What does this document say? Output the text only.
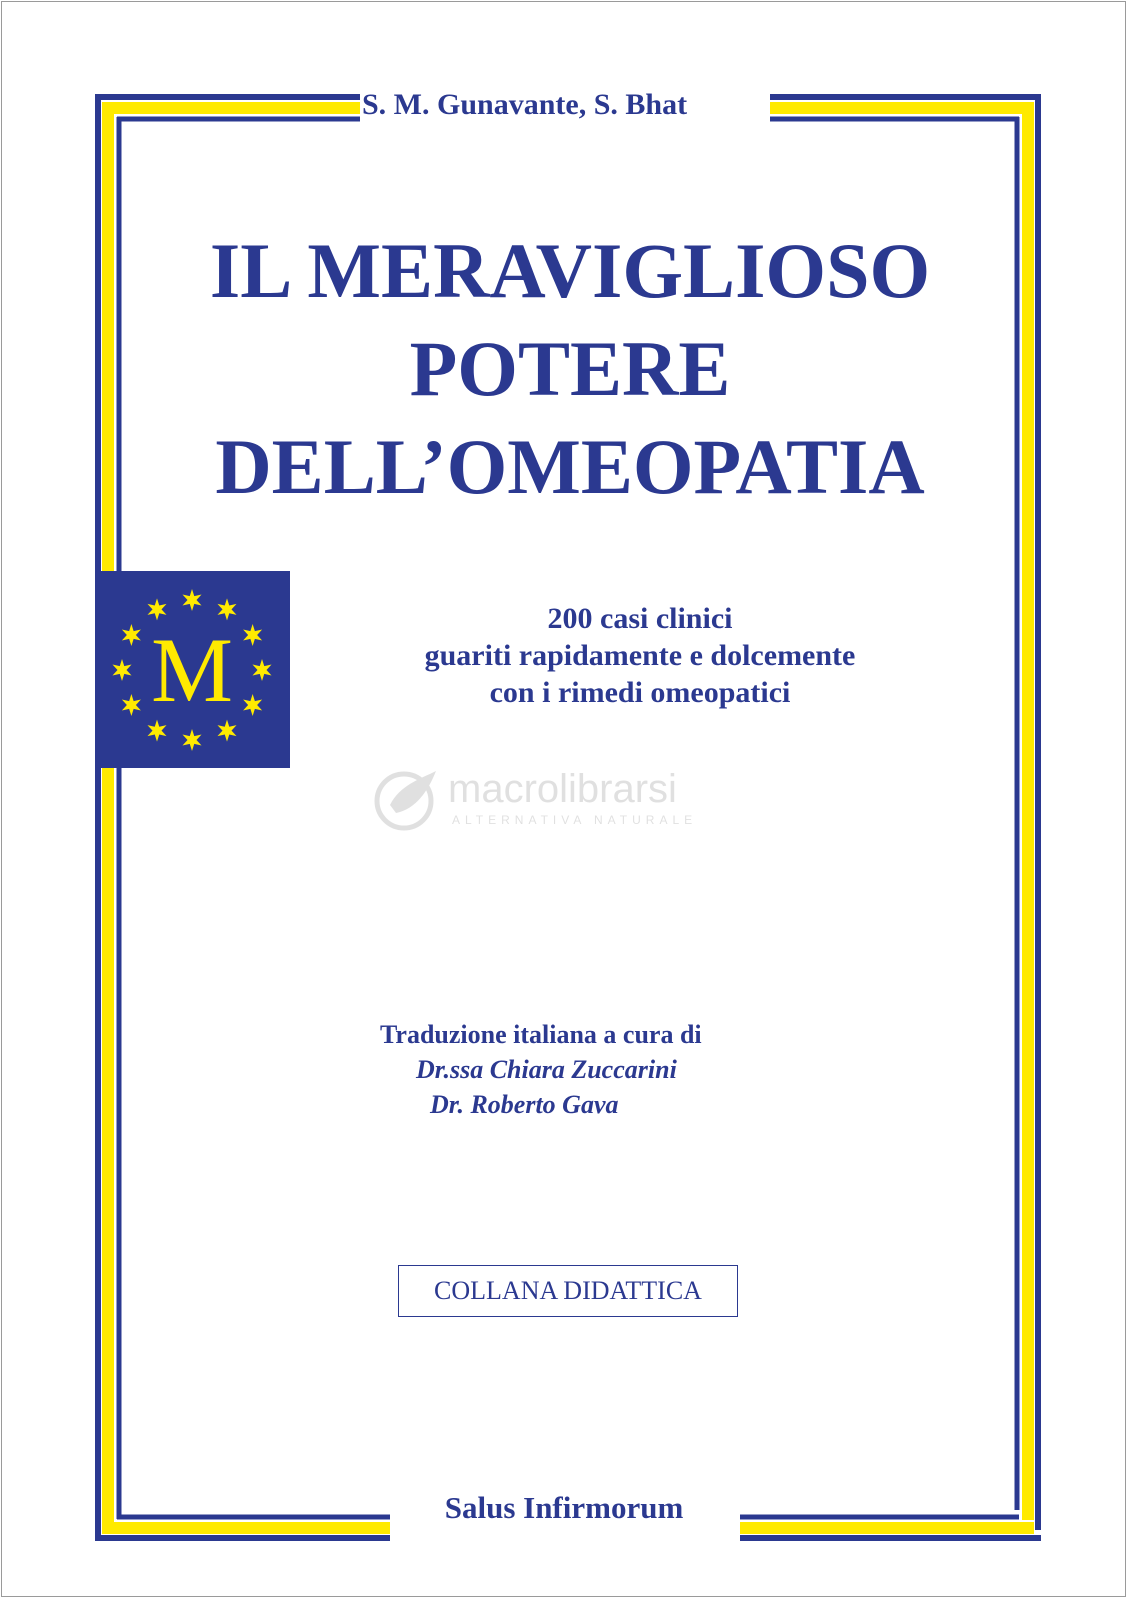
S. M. Gunavante, S. Bhat
IL MERAVIGLIOSO
POTERE
DELL’OMEOPATIA
M
200 casi clinici
guariti rapidamente e dolcemente
con i rimedi omeopatici
macrolibrarsi
ALTERNATIVA NATURALE
Traduzione italiana a cura di
Dr.ssa Chiara Zuccarini
Dr. Roberto Gava
COLLANA DIDATTICA
Salus Infirmorum
